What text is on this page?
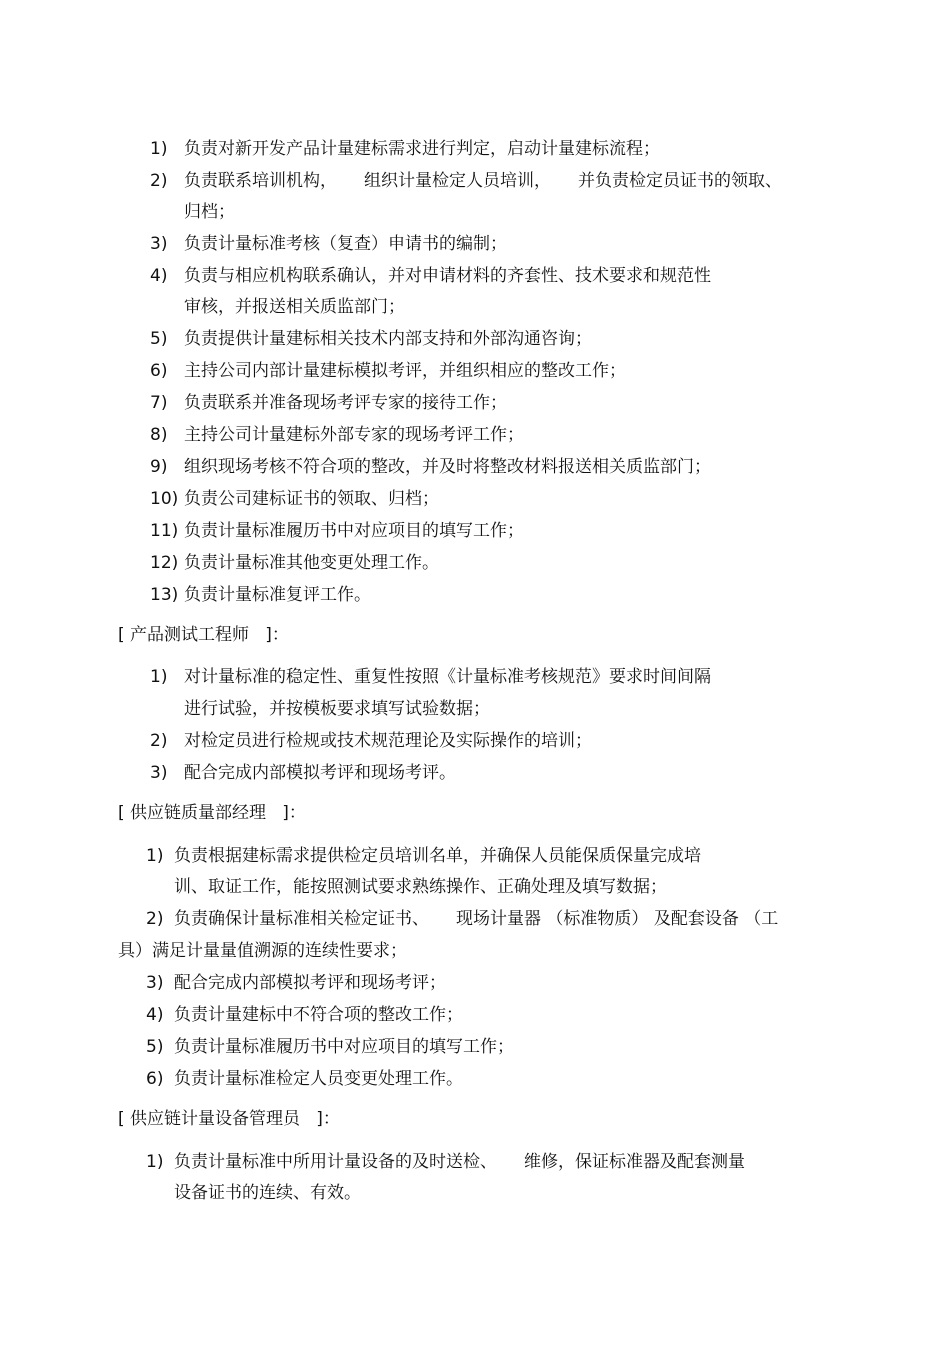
1) 负责对新开发产品计量建标需求进行判定，启动计量建标流程；
2) 负责联系培训机构，     组织计量检定人员培训，     并负责检定员证书的领取、
归档；
3) 负责计量标准考核（复查）申请书的编制；
4) 负责与相应机构联系确认，并对申请材料的齐套性、技术要求和规范性
审核，并报送相关质监部门；
5) 负责提供计量建标相关技术内部支持和外部沟通咨询；
6) 主持公司内部计量建标模拟考评，并组织相应的整改工作；
7) 负责联系并准备现场考评专家的接待工作；
8) 主持公司计量建标外部专家的现场考评工作；
9) 组织现场考核不符合项的整改，并及时将整改材料报送相关质监部门；
10) 负责公司建标证书的领取、归档；
11) 负责计量标准履历书中对应项目的填写工作；
12) 负责计量标准其他变更处理工作。
13) 负责计量标准复评工作。
[ 产品测试工程师   ]：
1) 对计量标准的稳定性、重复性按照《计量标准考核规范》要求时间间隔
进行试验，并按模板要求填写试验数据；
2) 对检定员进行检规或技术规范理论及实际操作的培训；
3) 配合完成内部模拟考评和现场考评。
[ 供应链质量部经理   ]：
1) 负责根据建标需求提供检定员培训名单，并确保人员能保质保量完成培
训、取证工作，能按照测试要求熟练操作、正确处理及填写数据；
2) 负责确保计量标准相关检定证书、     现场计量器 （标准物质） 及配套设备 （工
具）满足计量量值溯源的连续性要求；
3) 配合完成内部模拟考评和现场考评；
4) 负责计量建标中不符合项的整改工作；
5) 负责计量标准履历书中对应项目的填写工作；
6) 负责计量标准检定人员变更处理工作。
[ 供应链计量设备管理员   ]：
1) 负责计量标准中所用计量设备的及时送检、     维修，保证标准器及配套测量
设备证书的连续、有效。
